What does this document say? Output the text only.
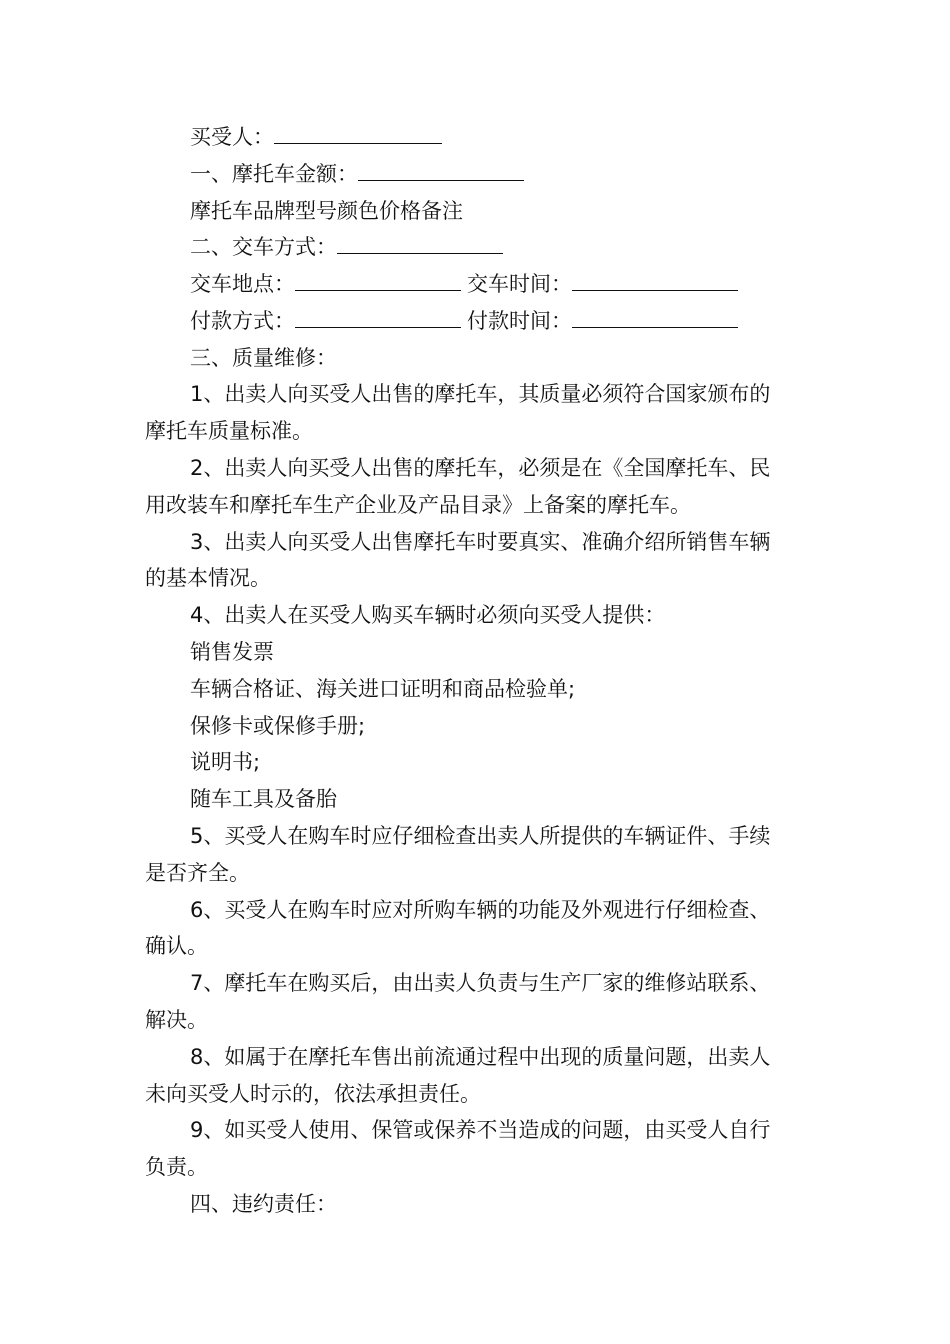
买受人：
一、摩托车金额：
摩托车品牌型号颜色价格备注
二、交车方式：
交车地点：	交车时间：
付款方式：	付款时间：
三、质量维修：
1、出卖人向买受人出售的摩托车，其质量必须符合国家颁布的
摩托车质量标准。
2、出卖人向买受人出售的摩托车，必须是在《全国摩托车、民
用改装车和摩托车生产企业及产品目录》上备案的摩托车。
3、出卖人向买受人出售摩托车时要真实、准确介绍所销售车辆
的基本情况。
4、出卖人在买受人购买车辆时必须向买受人提供：
销售发票
车辆合格证、海关进口证明和商品检验单;
保修卡或保修手册;
说明书;
随车工具及备胎
5、买受人在购车时应仔细检查出卖人所提供的车辆证件、手续
是否齐全。
6、买受人在购车时应对所购车辆的功能及外观进行仔细检查、
确认。
7、摩托车在购买后，由出卖人负责与生产厂家的维修站联系、
解决。
8、如属于在摩托车售出前流通过程中出现的质量问题，出卖人
未向买受人时示的，依法承担责任。
9、如买受人使用、保管或保养不当造成的问题，由买受人自行
负责。
四、违约责任：
